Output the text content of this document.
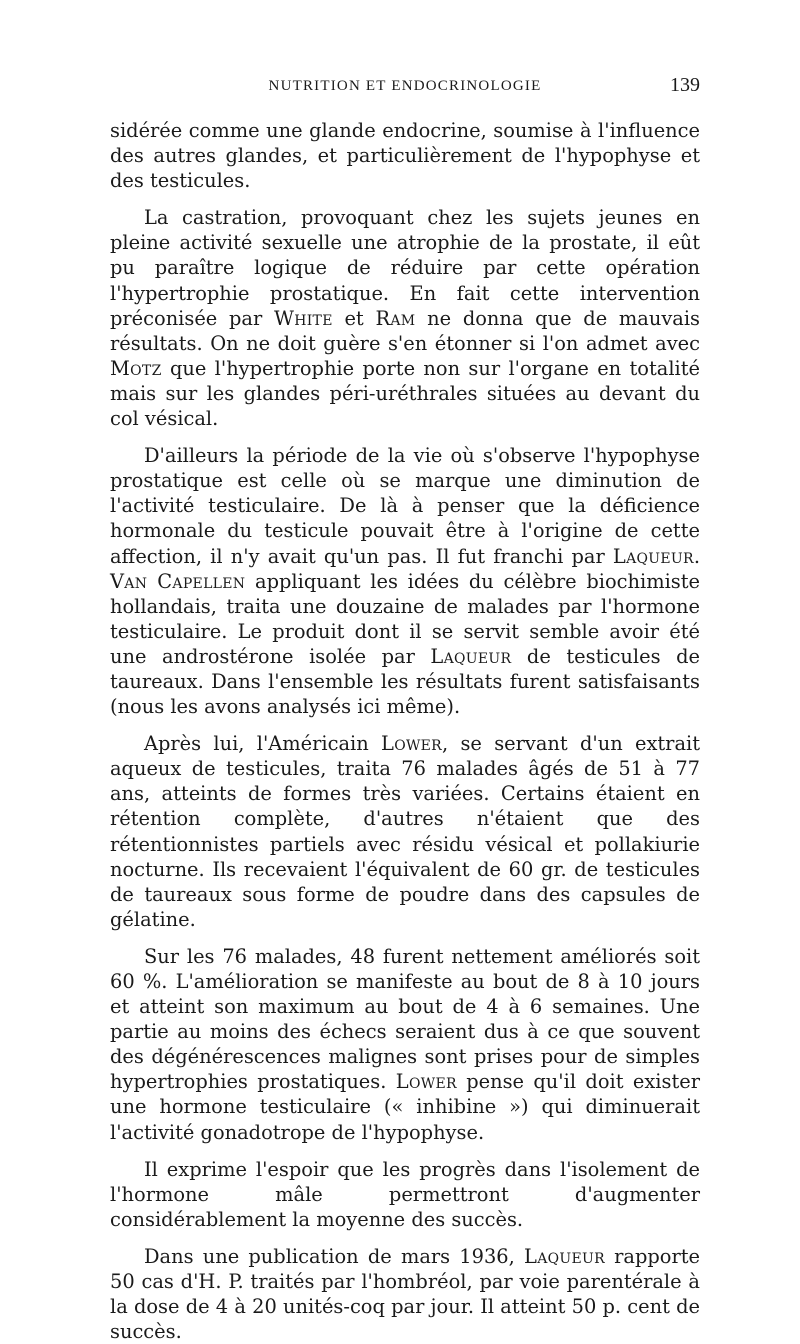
NUTRITION ET ENDOCRINOLOGIE	139

sidérée comme une glande endocrine, soumise à l'influence des autres glandes, et particulièrement de l'hypophyse et des testicules.

La castration, provoquant chez les sujets jeunes en pleine activité sexuelle une atrophie de la prostate, il eût pu paraître logique de réduire par cette opération l'hypertrophie prostatique. En fait cette intervention préconisée par White et Ram ne donna que de mauvais résultats. On ne doit guère s'en étonner si l'on admet avec Motz que l'hypertrophie porte non sur l'organe en totalité mais sur les glandes péri-uréthrales situées au devant du col vésical.

D'ailleurs la période de la vie où s'observe l'hypophyse prostatique est celle où se marque une diminution de l'activité testiculaire. De là à penser que la déficience hormonale du testicule pouvait être à l'origine de cette affection, il n'y avait qu'un pas. Il fut franchi par Laqueur. Van Capellen appliquant les idées du célèbre biochimiste hollandais, traita une douzaine de malades par l'hormone testiculaire. Le produit dont il se servit semble avoir été une androstérone isolée par Laqueur de testicules de taureaux. Dans l'ensemble les résultats furent satisfaisants (nous les avons analysés ici même).

Après lui, l'Américain Lower, se servant d'un extrait aqueux de testicules, traita 76 malades âgés de 51 à 77 ans, atteints de formes très variées. Certains étaient en rétention complète, d'autres n'étaient que des rétentionnistes partiels avec résidu vésical et pollakiurie nocturne. Ils recevaient l'équivalent de 60 gr. de testicules de taureaux sous forme de poudre dans des capsules de gélatine.

Sur les 76 malades, 48 furent nettement améliorés soit 60 %. L'amélioration se manifeste au bout de 8 à 10 jours et atteint son maximum au bout de 4 à 6 semaines. Une partie au moins des échecs seraient dus à ce que souvent des dégénérescences malignes sont prises pour de simples hypertrophies prostatiques. Lower pense qu'il doit exister une hormone testiculaire (« inhibine ») qui diminuerait l'activité gonadotrope de l'hypophyse.

Il exprime l'espoir que les progrès dans l'isolement de l'hormone mâle permettront d'augmenter considérablement la moyenne des succès.

Dans une publication de mars 1936, Laqueur rapporte 50 cas d'H. P. traités par l'hombréol, par voie parentérale à la dose de 4 à 20 unités-coq par jour. Il atteint 50 p. cent de succès.
